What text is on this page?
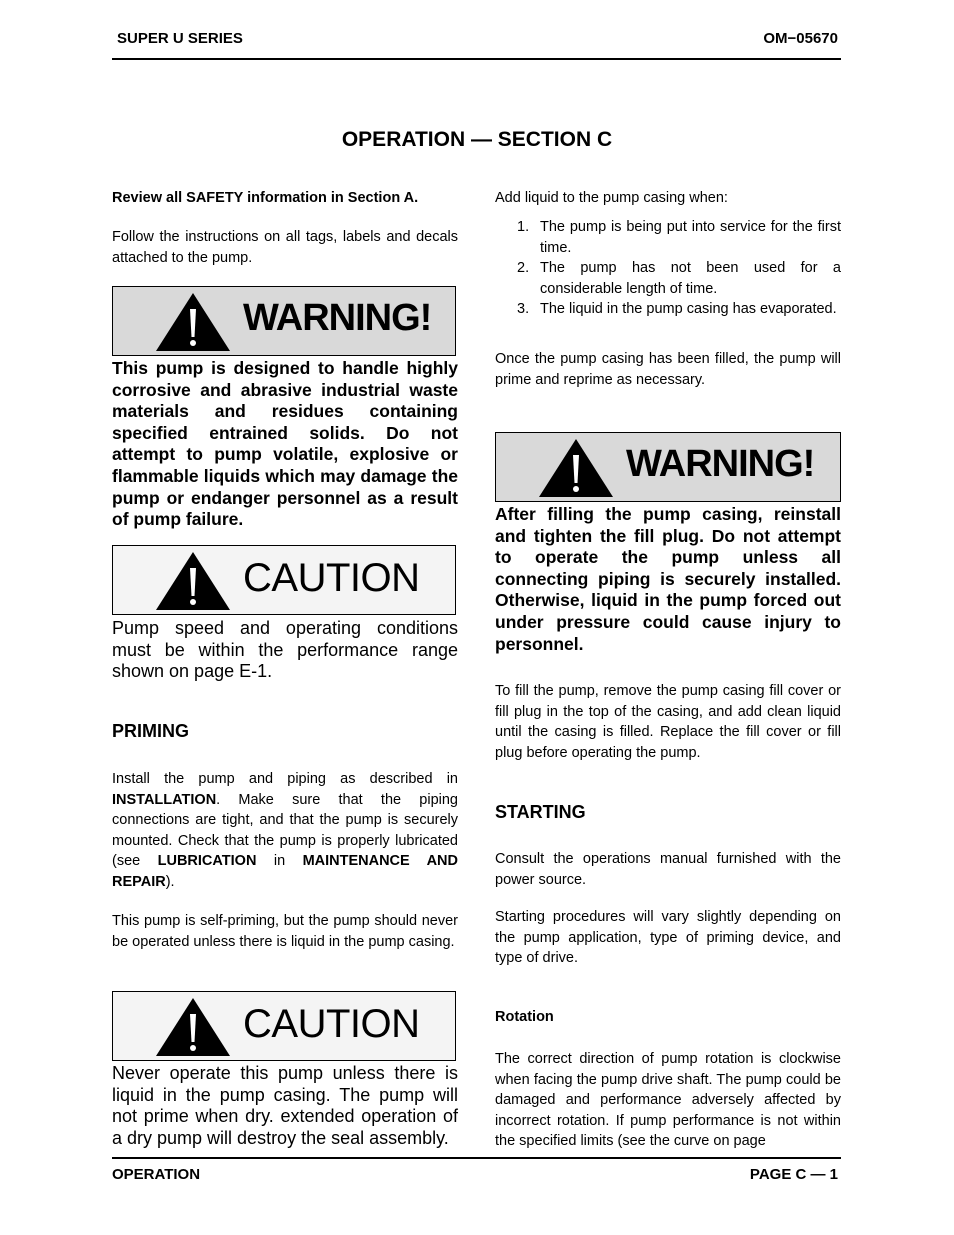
SUPER U SERIES	OM−05670
OPERATION — SECTION C

Review all SAFETY information in Section A.

Follow the instructions on all tags, labels and decals attached to the pump.

WARNING!

This pump is designed to handle highly corrosive and abrasive industrial waste materials and residues containing specified entrained solids. Do not attempt to pump volatile, explosive or flammable liquids which may damage the pump or endanger personnel as a result of pump failure.

CAUTION

Pump speed and operating conditions must be within the performance range shown on page E-1.

PRIMING

Install the pump and piping as described in INSTALLATION. Make sure that the piping connections are tight, and that the pump is securely mounted. Check that the pump is properly lubricated (see LUBRICATION in MAINTENANCE AND REPAIR).

This pump is self-priming, but the pump should never be operated unless there is liquid in the pump casing.

CAUTION

Never operate this pump unless there is liquid in the pump casing. The pump will not prime when dry. extended operation of a dry pump will destroy the seal assembly.

Add liquid to the pump casing when:

1. The pump is being put into service for the first time.
2. The pump has not been used for a considerable length of time.
3. The liquid in the pump casing has evaporated.

Once the pump casing has been filled, the pump will prime and reprime as necessary.

WARNING!

After filling the pump casing, reinstall and tighten the fill plug. Do not attempt to operate the pump unless all connecting piping is securely installed. Otherwise, liquid in the pump forced out under pressure could cause injury to personnel.

To fill the pump, remove the pump casing fill cover or fill plug in the top of the casing, and add clean liquid until the casing is filled. Replace the fill cover or fill plug before operating the pump.

STARTING

Consult the operations manual furnished with the power source.

Starting procedures will vary slightly depending on the pump application, type of priming device, and type of drive.

Rotation

The correct direction of pump rotation is clockwise when facing the pump drive shaft. The pump could be damaged and performance adversely affected by incorrect rotation. If pump performance is not within the specified limits (see the curve on page

OPERATION	PAGE C — 1
